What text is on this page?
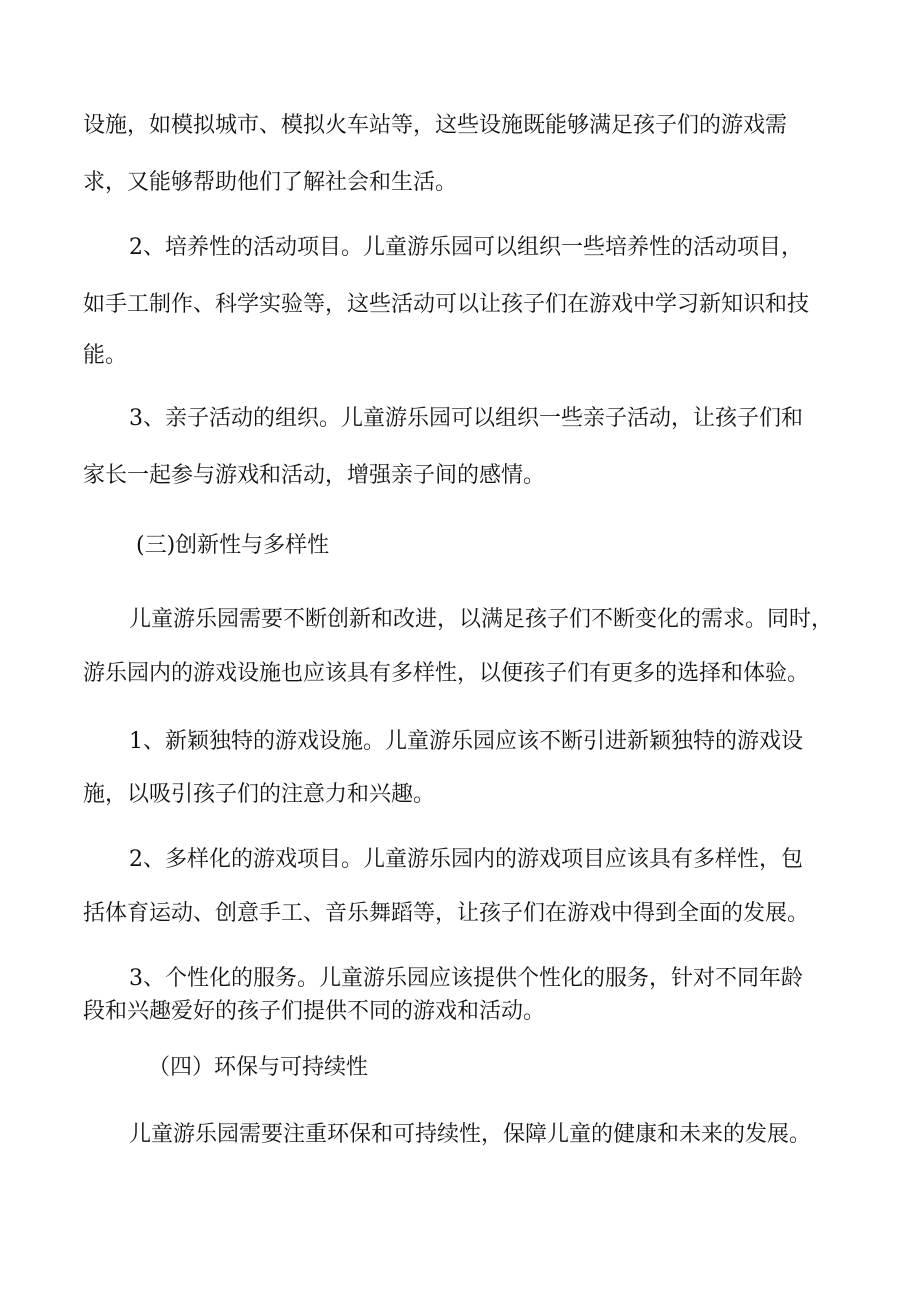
设施，如模拟城市、模拟火车站等，这些设施既能够满足孩子们的游戏需
求，又能够帮助他们了解社会和生活。
2、培养性的活动项目。儿童游乐园可以组织一些培养性的活动项目，
如手工制作、科学实验等，这些活动可以让孩子们在游戏中学习新知识和技
能。
3、亲子活动的组织。儿童游乐园可以组织一些亲子活动，让孩子们和
家长一起参与游戏和活动，增强亲子间的感情。
(三)创新性与多样性
儿童游乐园需要不断创新和改进，以满足孩子们不断变化的需求。同时，
游乐园内的游戏设施也应该具有多样性，以便孩子们有更多的选择和体验。
1、新颖独特的游戏设施。儿童游乐园应该不断引进新颖独特的游戏设
施，以吸引孩子们的注意力和兴趣。
2、多样化的游戏项目。儿童游乐园内的游戏项目应该具有多样性，包
括体育运动、创意手工、音乐舞蹈等，让孩子们在游戏中得到全面的发展。
3、个性化的服务。儿童游乐园应该提供个性化的服务，针对不同年龄
段和兴趣爱好的孩子们提供不同的游戏和活动。
（四）环保与可持续性
儿童游乐园需要注重环保和可持续性，保障儿童的健康和未来的发展。
